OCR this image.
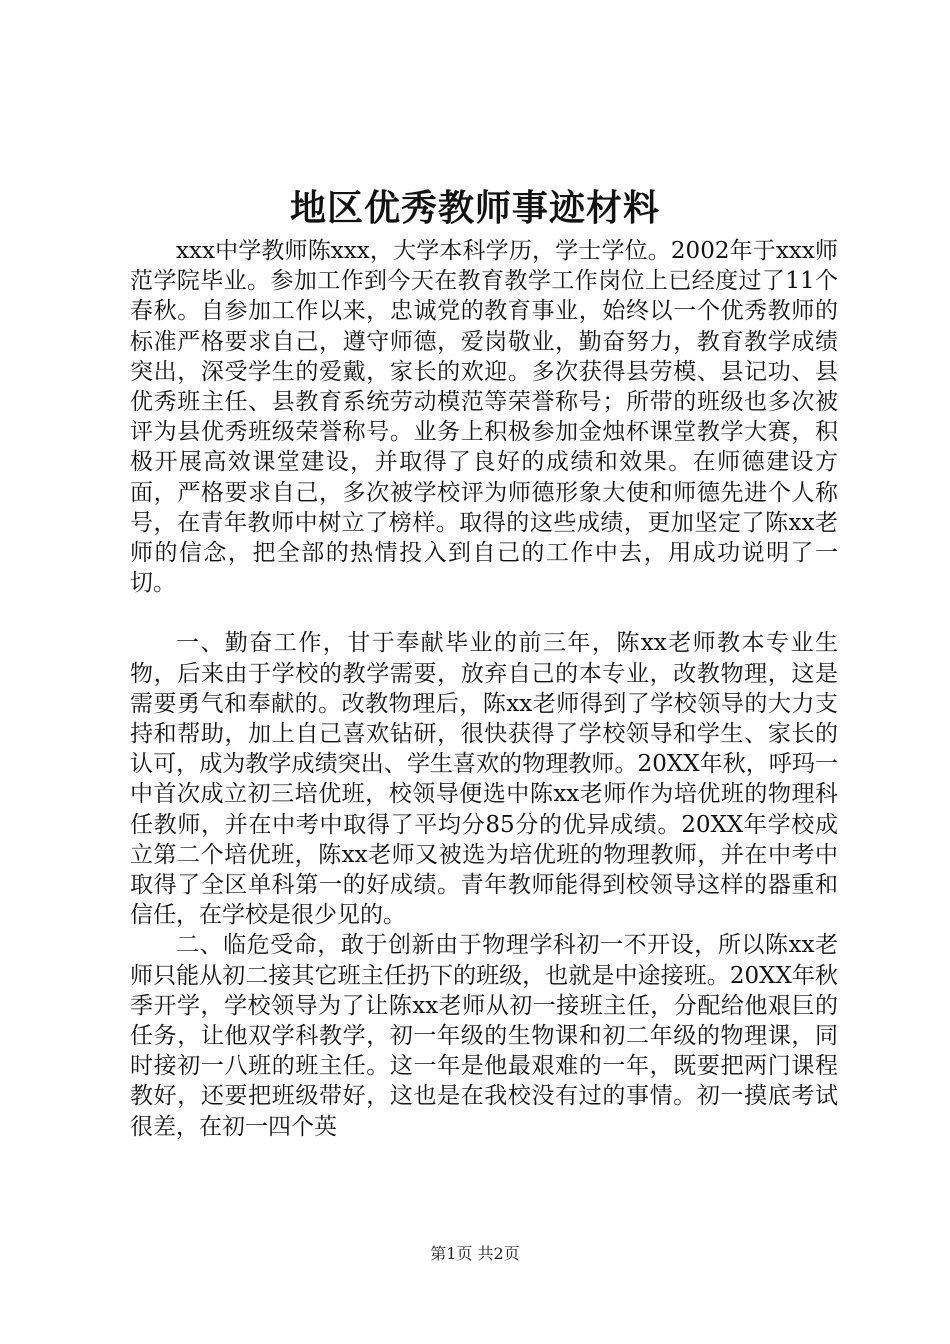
地区优秀教师事迹材料

xxx中学教师陈xxx，大学本科学历，学士学位。2002年于xxx师范学院毕业。参加工作到今天在教育教学工作岗位上已经度过了11个春秋。自参加工作以来，忠诚党的教育事业，始终以一个优秀教师的标准严格要求自己，遵守师德，爱岗敬业，勤奋努力，教育教学成绩突出，深受学生的爱戴，家长的欢迎。多次获得县劳模、县记功、县优秀班主任、县教育系统劳动模范等荣誉称号；所带的班级也多次被评为县优秀班级荣誉称号。业务上积极参加金烛杯课堂教学大赛，积极开展高效课堂建设，并取得了良好的成绩和效果。在师德建设方面，严格要求自己，多次被学校评为师德形象大使和师德先进个人称号，在青年教师中树立了榜样。取得的这些成绩，更加坚定了陈xx老师的信念，把全部的热情投入到自己的工作中去，用成功说明了一切。

一、勤奋工作，甘于奉献毕业的前三年，陈xx老师教本专业生物，后来由于学校的教学需要，放弃自己的本专业，改教物理，这是需要勇气和奉献的。改教物理后，陈xx老师得到了学校领导的大力支持和帮助，加上自己喜欢钻研，很快获得了学校领导和学生、家长的认可，成为教学成绩突出、学生喜欢的物理教师。20XX年秋，呼玛一中首次成立初三培优班，校领导便选中陈xx老师作为培优班的物理科任教师，并在中考中取得了平均分85分的优异成绩。20XX年学校成立第二个培优班，陈xx老师又被选为培优班的物理教师，并在中考中取得了全区单科第一的好成绩。青年教师能得到校领导这样的器重和信任，在学校是很少见的。

二、临危受命，敢于创新由于物理学科初一不开设，所以陈xx老师只能从初二接其它班主任扔下的班级，也就是中途接班。20XX年秋季开学，学校领导为了让陈xx老师从初一接班主任，分配给他艰巨的任务，让他双学科教学，初一年级的生物课和初二年级的物理课，同时接初一八班的班主任。这一年是他最艰难的一年，既要把两门课程教好，还要把班级带好，这也是在我校没有过的事情。初一摸底考试很差，在初一四个英

第1页 共2页
